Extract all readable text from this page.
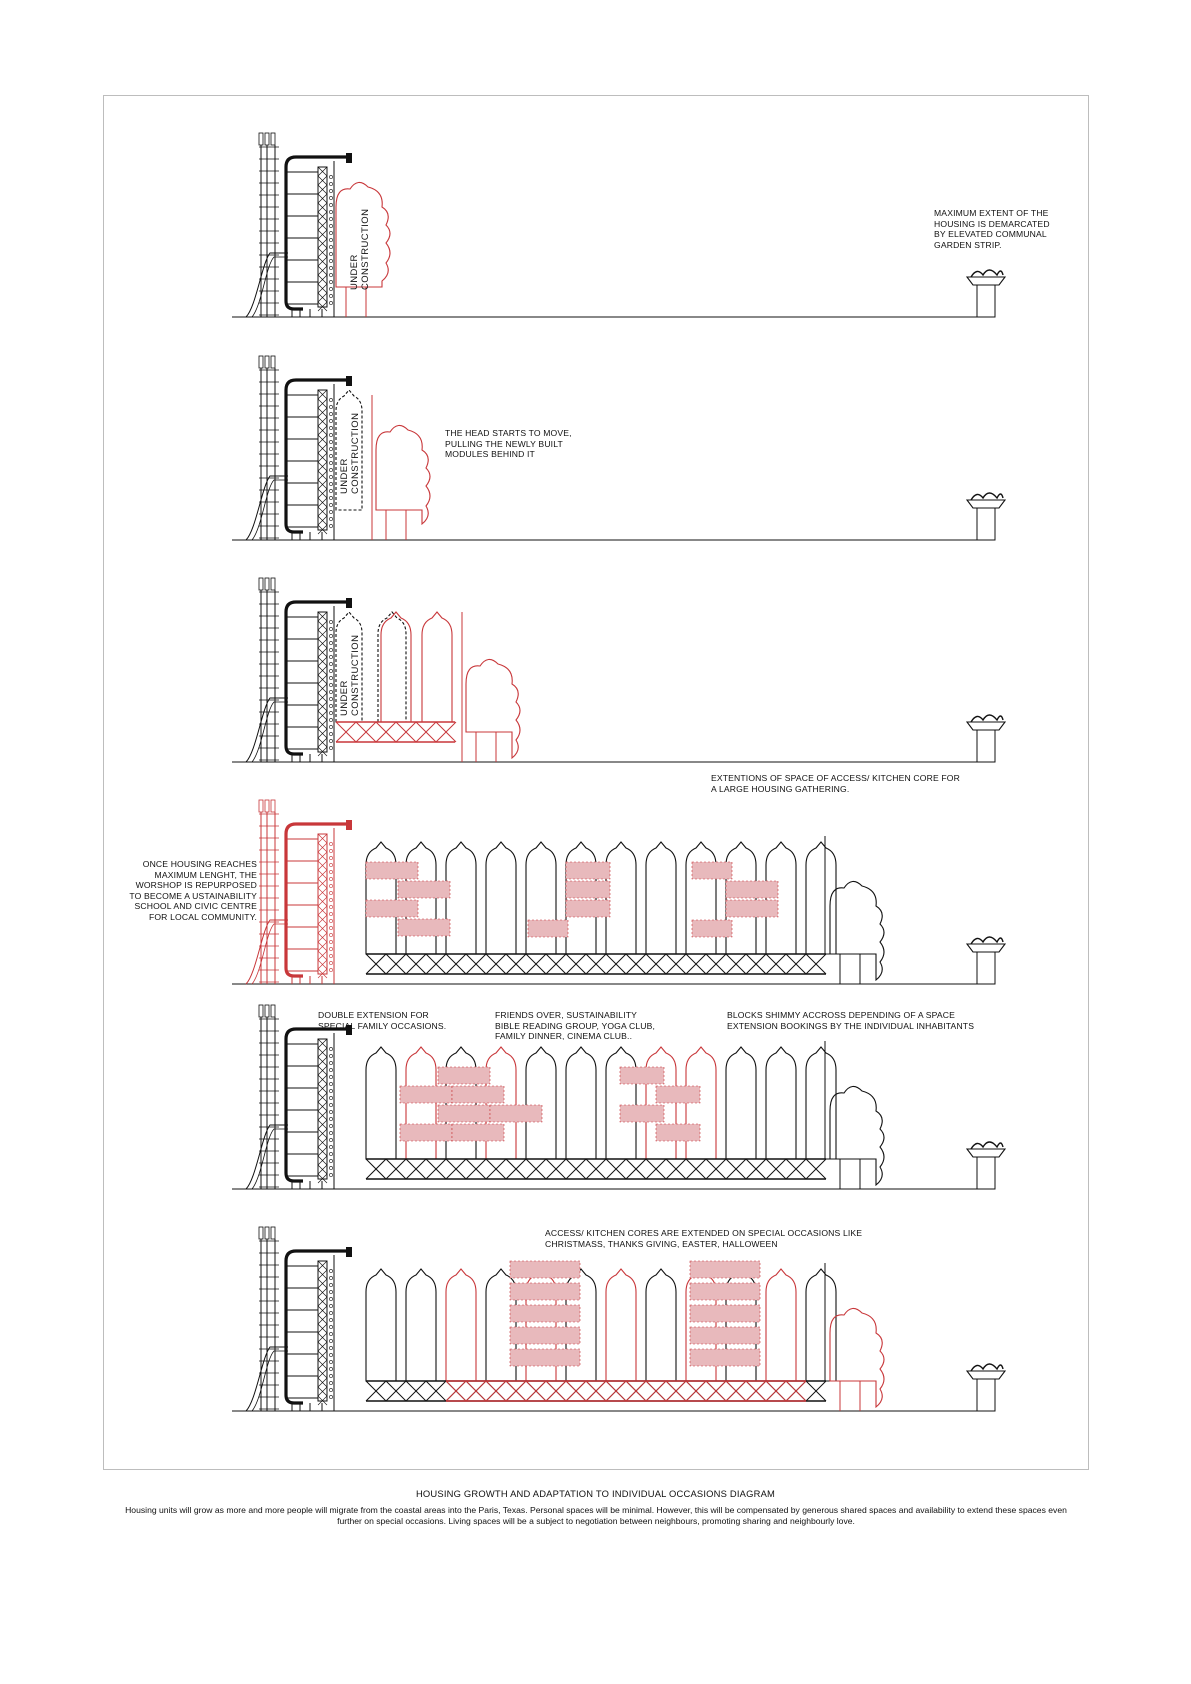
MAXIMUM EXTENT OF THE
HOUSING IS DEMARCATED
BY ELEVATED COMMUNAL
GARDEN STRIP.
UNDER
CONSTRUCTION
THE HEAD STARTS TO MOVE,
PULLING THE NEWLY BUILT
MODULES BEHIND IT
UNDER
CONSTRUCTION
UNDER
CONSTRUCTION
EXTENTIONS OF SPACE OF ACCESS/ KITCHEN CORE FOR
A LARGE HOUSING GATHERING.
ONCE HOUSING REACHES
MAXIMUM LENGHT, THE
WORSHOP IS REPURPOSED
TO BECOME A USTAINABILITY
SCHOOL AND CIVIC CENTRE
FOR LOCAL COMMUNITY.
DOUBLE EXTENSION FOR
SPECIAL FAMILY OCCASIONS.
FRIENDS OVER, SUSTAINABILITY
BIBLE READING GROUP, YOGA CLUB,
FAMILY DINNER, CINEMA CLUB..
BLOCKS SHIMMY ACCROSS DEPENDING OF A SPACE
EXTENSION BOOKINGS BY THE INDIVIDUAL INHABITANTS
ACCESS/ KITCHEN CORES ARE EXTENDED ON SPECIAL OCCASIONS LIKE
CHRISTMASS, THANKS GIVING, EASTER, HALLOWEEN
HOUSING GROWTH AND ADAPTATION TO INDIVIDUAL OCCASIONS DIAGRAM
Housing units will grow as more and more people will migrate from the coastal areas into the Paris, Texas. Personal spaces will be minimal. However, this will be compensated by generous shared spaces and availability to extend these spaces even further on special occasions. Living spaces will be a subject to negotiation between neighbours, promoting sharing and neighbourly love.
